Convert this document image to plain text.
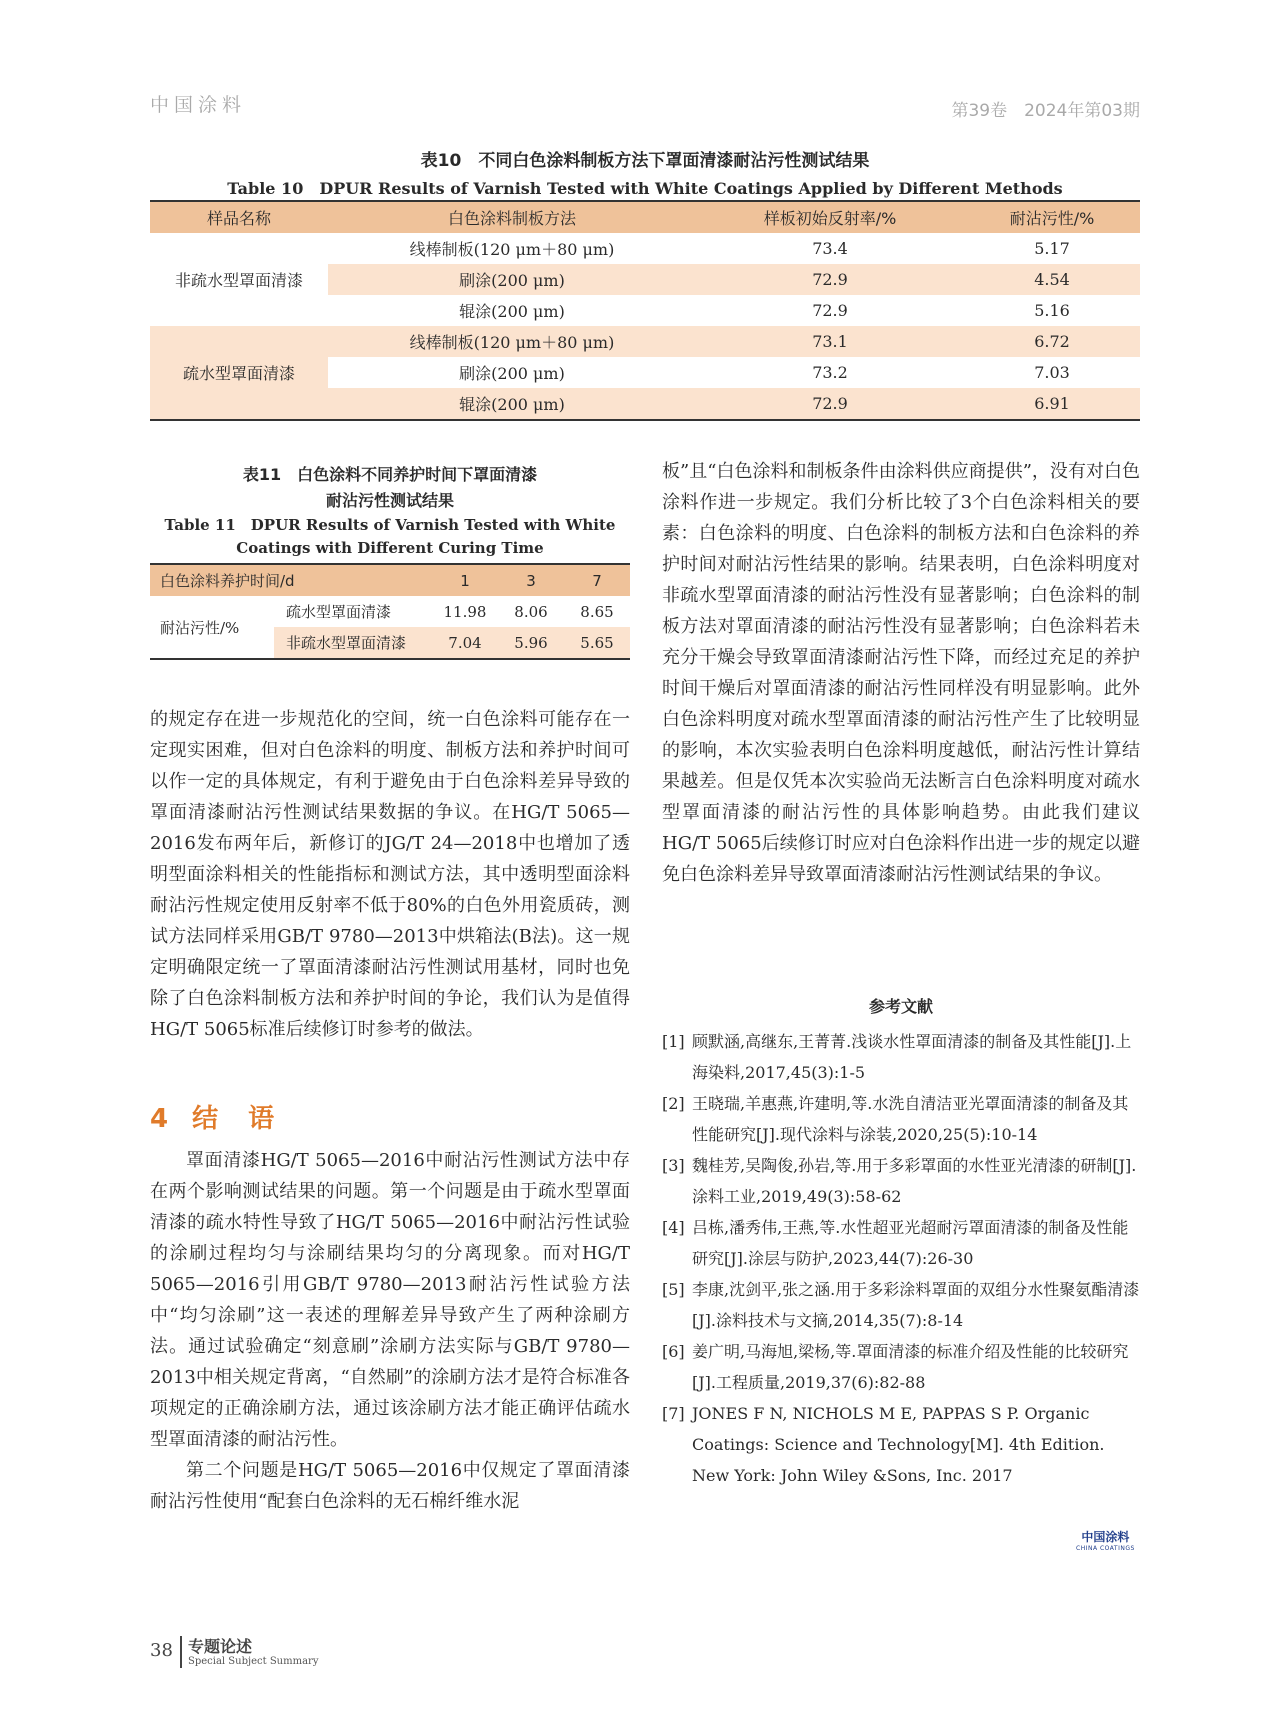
中国涂料	第39卷　2024年第03期
表10　不同白色涂料制板方法下罩面清漆耐沾污性测试结果
Table 10　DPUR Results of Varnish Tested with White Coatings Applied by Different Methods
样品名称	白色涂料制板方法	样板初始反射率/%	耐沾污性/%
非疏水型罩面清漆	线棒制板(120 μm＋80 μm)	73.4	5.17
	刷涂(200 μm)	72.9	4.54
	辊涂(200 μm)	72.9	5.16
疏水型罩面清漆	线棒制板(120 μm＋80 μm)	73.1	6.72
	刷涂(200 μm)	73.2	7.03
	辊涂(200 μm)	72.9	6.91
表11　白色涂料不同养护时间下罩面清漆
耐沾污性测试结果
Table 11　DPUR Results of Varnish Tested with White
Coatings with Different Curing Time
白色涂料养护时间/d		1	3	7
耐沾污性/%	疏水型罩面清漆	11.98	8.06	8.65
	非疏水型罩面清漆	7.04	5.96	5.65

的规定存在进一步规范化的空间，统一白色涂料可能存在一定现实困难，但对白色涂料的明度、制板方法和养护时间可以作一定的具体规定，有利于避免由于白色涂料差异导致的罩面清漆耐沾污性测试结果数据的争议。在HG/T 5065—2016发布两年后，新修订的JG/T 24—2018中也增加了透明型面涂料相关的性能指标和测试方法，其中透明型面涂料耐沾污性规定使用反射率不低于80%的白色外用瓷质砖，测试方法同样采用GB/T 9780—2013中烘箱法(B法)。这一规定明确限定统一了罩面清漆耐沾污性测试用基材，同时也免除了白色涂料制板方法和养护时间的争论，我们认为是值得HG/T 5065标准后续修订时参考的做法。

4 结　语

罩面清漆HG/T 5065—2016中耐沾污性测试方法中存在两个影响测试结果的问题。第一个问题是由于疏水型罩面清漆的疏水特性导致了HG/T 5065—2016中耐沾污性试验的涂刷过程均匀与涂刷结果均匀的分离现象。而对HG/T 5065—2016引用GB/T 9780—2013耐沾污性试验方法中“均匀涂刷”这一表述的理解差异导致产生了两种涂刷方法。通过试验确定“刻意刷”涂刷方法实际与GB/T 9780—2013中相关规定背离，“自然刷”的涂刷方法才是符合标准各项规定的正确涂刷方法，通过该涂刷方法才能正确评估疏水型罩面清漆的耐沾污性。

第二个问题是HG/T 5065—2016中仅规定了罩面清漆耐沾污性使用“配套白色涂料的无石棉纤维水泥

板”且“白色涂料和制板条件由涂料供应商提供”，没有对白色涂料作进一步规定。我们分析比较了3个白色涂料相关的要素：白色涂料的明度、白色涂料的制板方法和白色涂料的养护时间对耐沾污性结果的影响。结果表明，白色涂料明度对非疏水型罩面清漆的耐沾污性没有显著影响；白色涂料的制板方法对罩面清漆的耐沾污性没有显著影响；白色涂料若未充分干燥会导致罩面清漆耐沾污性下降，而经过充足的养护时间干燥后对罩面清漆的耐沾污性同样没有明显影响。此外白色涂料明度对疏水型罩面清漆的耐沾污性产生了比较明显的影响，本次实验表明白色涂料明度越低，耐沾污性计算结果越差。但是仅凭本次实验尚无法断言白色涂料明度对疏水型罩面清漆的耐沾污性的具体影响趋势。由此我们建议HG/T 5065后续修订时应对白色涂料作出进一步的规定以避免白色涂料差异导致罩面清漆耐沾污性测试结果的争议。

参考文献
[1] 顾默涵,高继东,王菁菁.浅谈水性罩面清漆的制备及其性能[J].上海染料,2017,45(3):1-5
[2] 王晓瑞,羊惠燕,许建明,等.水洗自清洁亚光罩面清漆的制备及其性能研究[J].现代涂料与涂装,2020,25(5):10-14
[3] 魏桂芳,吴陶俊,孙岩,等.用于多彩罩面的水性亚光清漆的研制[J].涂料工业,2019,49(3):58-62
[4] 吕栋,潘秀伟,王燕,等.水性超亚光超耐污罩面清漆的制备及性能研究[J].涂层与防护,2023,44(7):26-30
[5] 李康,沈剑平,张之涵.用于多彩涂料罩面的双组分水性聚氨酯清漆[J].涂料技术与文摘,2014,35(7):8-14
[6] 姜广明,马海旭,梁杨,等.罩面清漆的标准介绍及性能的比较研究[J].工程质量,2019,37(6):82-88
[7] JONES F N, NICHOLS M E, PAPPAS S P. Organic Coatings: Science and Technology[M]. 4th Edition. New York: John Wiley &Sons, Inc. 2017
中国涂料
CHINA COATINGS
38 专题论述
Special Subject Summary
